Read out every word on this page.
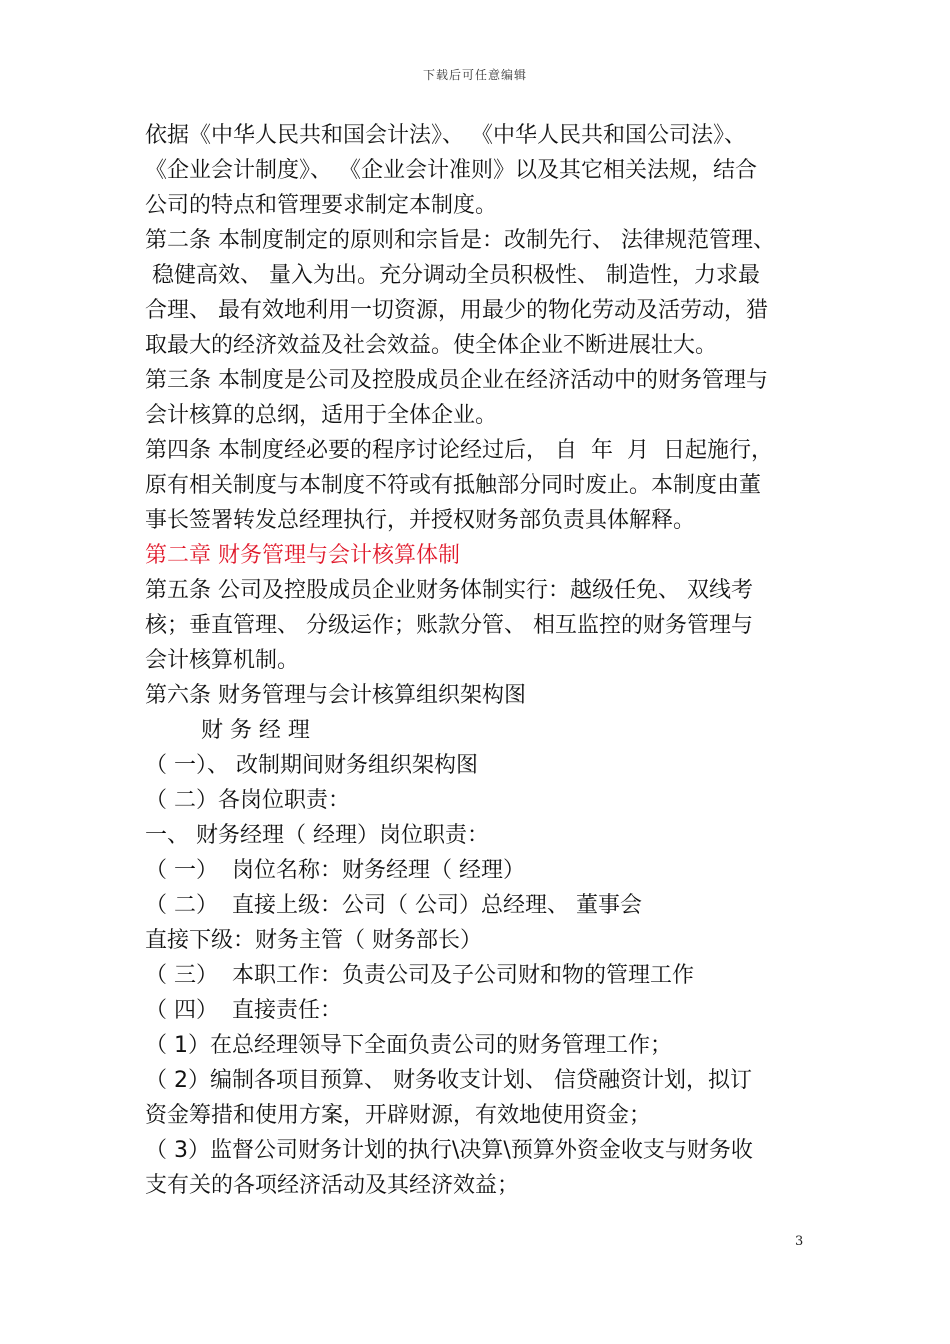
下载后可任意编辑
依据《中华人民共和国会计法》、 《中华人民共和国公司法》、
《企业会计制度》、 《企业会计准则》以及其它相关法规，结合
公司的特点和管理要求制定本制度。
第二条 本制度制定的原则和宗旨是：改制先行、 法律规范管理、
稳健高效、 量入为出。充分调动全员积极性、 制造性，力求最
合理、 最有效地利用一切资源，用最少的物化劳动及活劳动，猎
取最大的经济效益及社会效益。使全体企业不断进展壮大。
第三条 本制度是公司及控股成员企业在经济活动中的财务管理与
会计核算的总纲，适用于全体企业。
第四条 本制度经必要的程序讨论经过后， 自  年  月  日起施行，
原有相关制度与本制度不符或有抵触部分同时废止。本制度由董
事长签署转发总经理执行，并授权财务部负责具体解释。
第二章 财务管理与会计核算体制
第五条 公司及控股成员企业财务体制实行：越级任免、 双线考
核；垂直管理、 分级运作；账款分管、 相互监控的财务管理与
会计核算机制。
第六条 财务管理与会计核算组织架构图
财 务 经 理
（ 一）、 改制期间财务组织架构图
（ 二）各岗位职责：
一、 财务经理（ 经理）岗位职责：
（ 一）  岗位名称：财务经理（ 经理）
（ 二）  直接上级：公司（ 公司）总经理、 董事会
直接下级：财务主管（ 财务部长）
（ 三）  本职工作：负责公司及子公司财和物的管理工作
（ 四）  直接责任：
（ 1）在总经理领导下全面负责公司的财务管理工作；
（ 2）编制各项目预算、 财务收支计划、 信贷融资计划，拟订
资金筹措和使用方案，开辟财源，有效地使用资金；
（ 3）监督公司财务计划的执行\决算\预算外资金收支与财务收
支有关的各项经济活动及其经济效益；
3
